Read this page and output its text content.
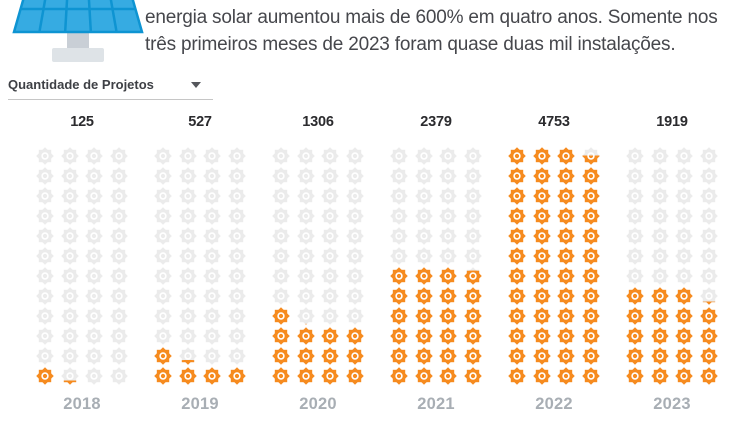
energia solar aumentou mais de 600% em quatro anos. Somente nos três primeiros meses de 2023 foram quase duas mil instalações.

Quantidade de Projetos
125
2018
527
2019
1306
2020
2379
2021
4753
2022
1919
2023
